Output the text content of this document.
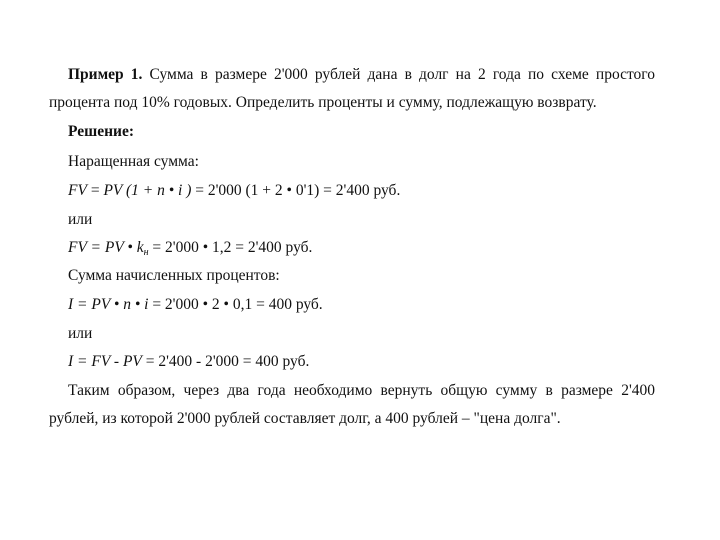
Пример 1. Сумма в размере 2'000 рублей дана в долг на 2 года по схеме простого
процента под 10% годовых. Определить проценты и сумму, подлежащую возврату.
Решение:
Наращенная сумма:
FV = PV (1 + n • i ) = 2'000 (1 + 2 • 0'1) = 2'400 руб.
или
FV = PV • $k_н = 2'000$ • 1,2 = 2'400 руб.
Сумма начисленных процентов:
I = PV • n • i = 2'000 • 2 • 0,1 = 400 руб.
или
I = FV - PV = 2'400 - 2'000 = 400 руб.
Таким образом, через два года необходимо вернуть общую сумму в размере 2'400
рублей, из которой 2'000 рублей составляет долг, а 400 рублей – "цена долга".
